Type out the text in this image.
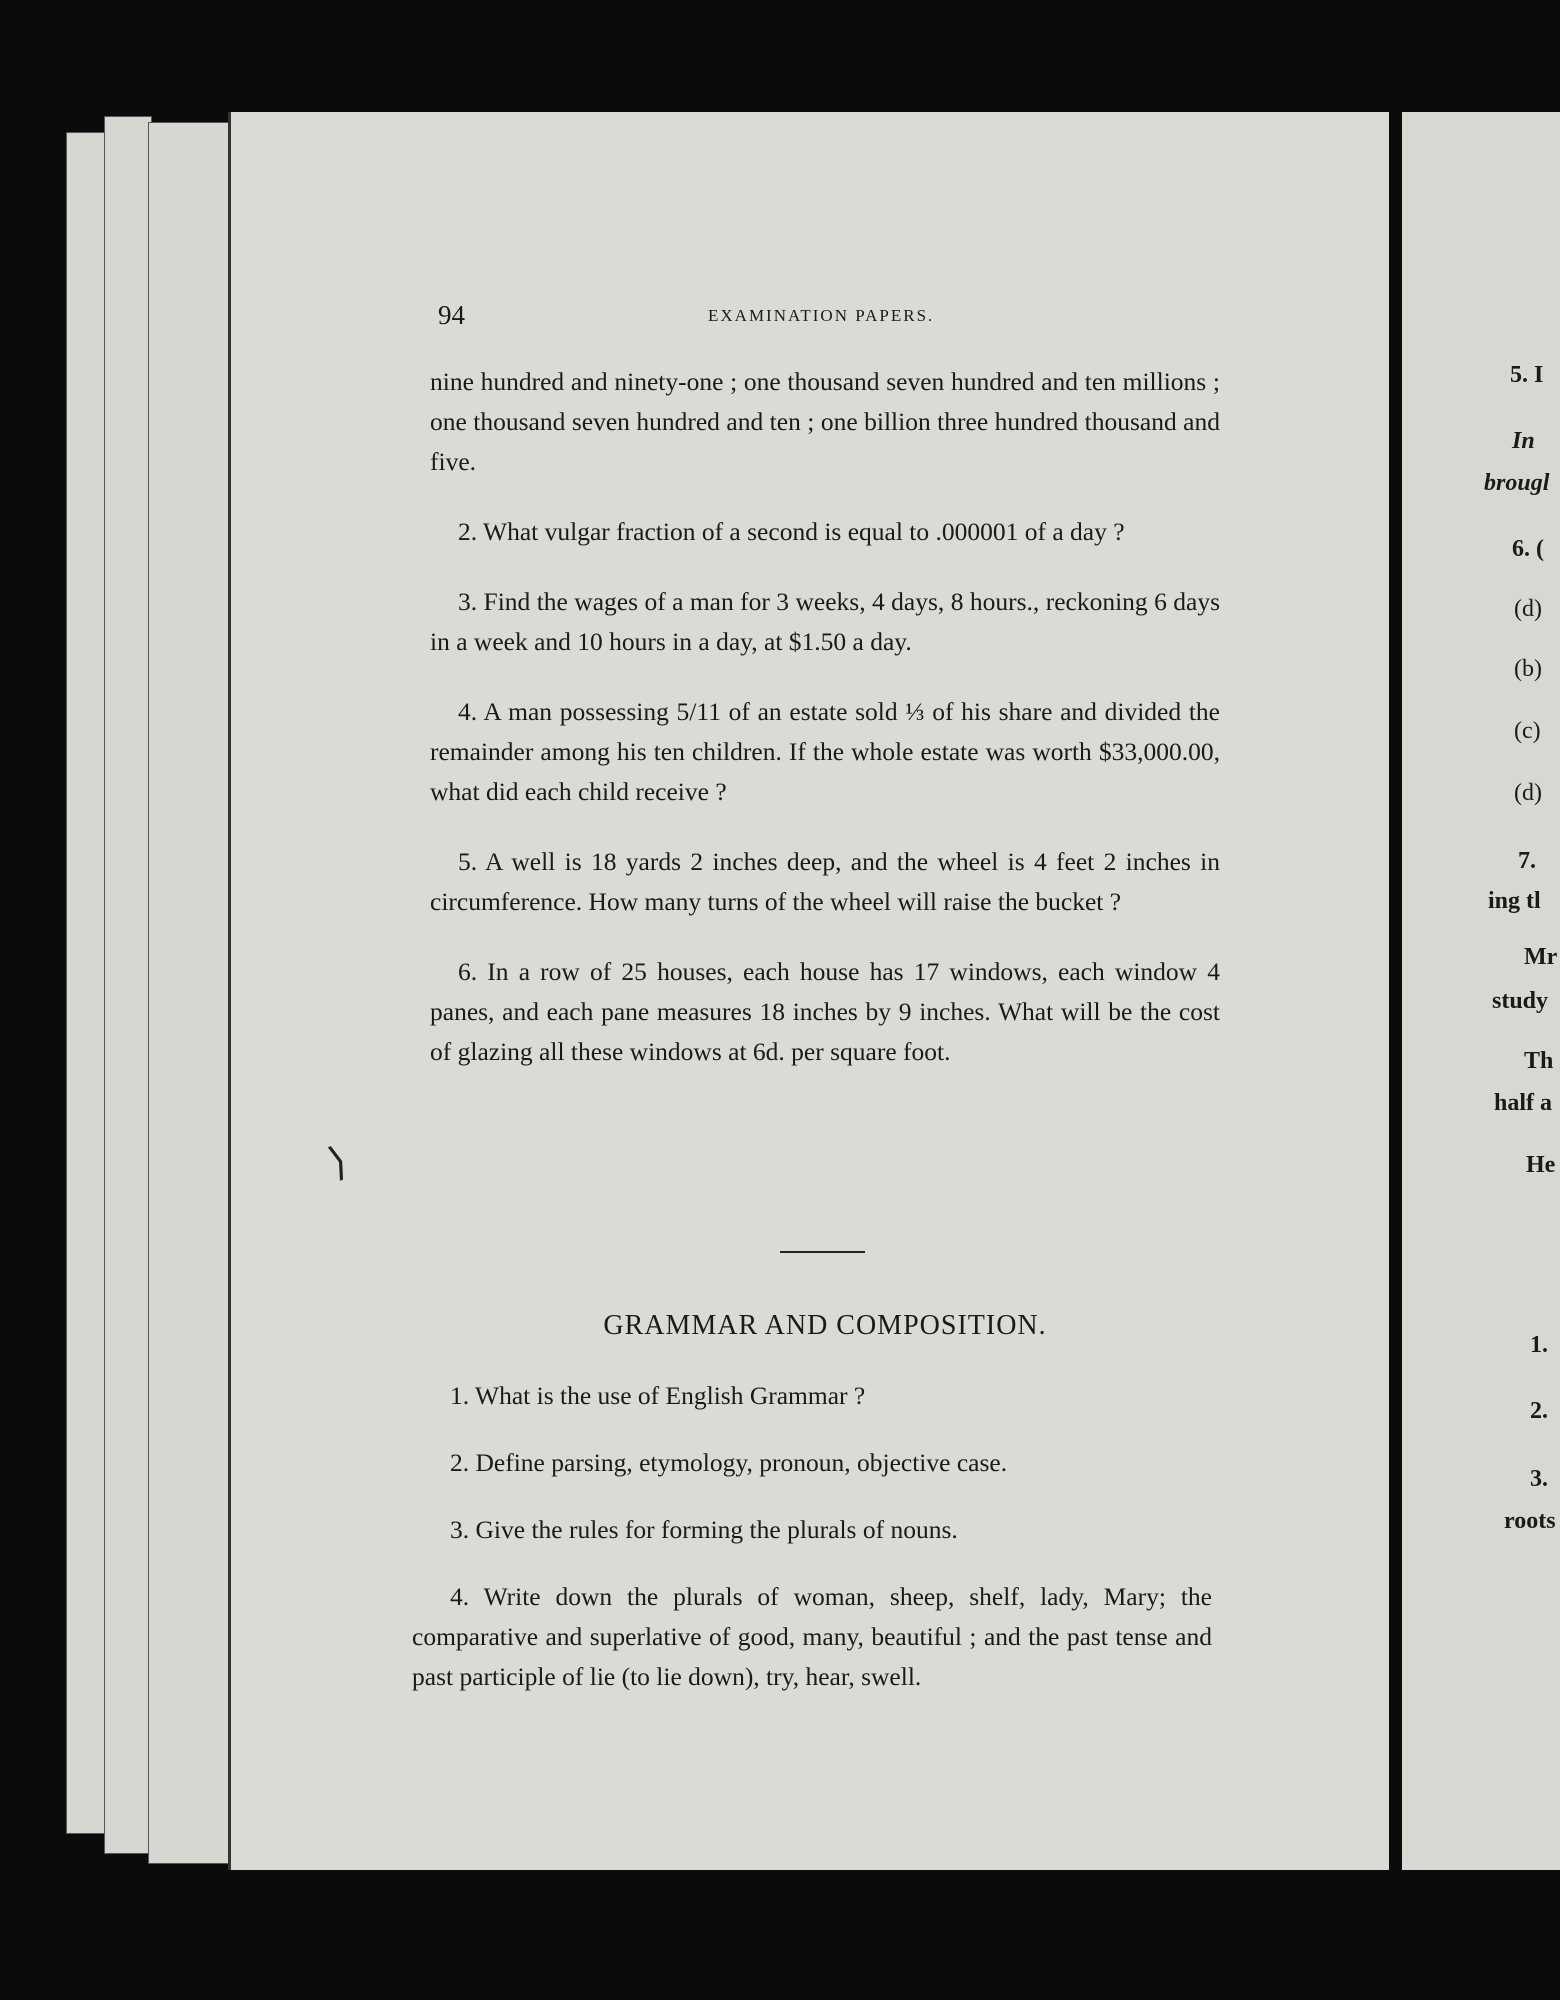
94	EXAMINATION PAPERS.

nine hundred and ninety-one ; one thousand seven hundred and ten millions ; one thousand seven hundred and ten ; one billion three hundred thousand and five.

2. What vulgar fraction of a second is equal to .000001 of a day ?

3. Find the wages of a man for 3 weeks, 4 days, 8 hours., reckoning 6 days in a week and 10 hours in a day, at $1.50 a day.

4. A man possessing 5/11 of an estate sold ⅓ of his share and divided the remainder among his ten children. If the whole estate was worth $33,000.00, what did each child receive ?

5. A well is 18 yards 2 inches deep, and the wheel is 4 feet 2 inches in circumference. How many turns of the wheel will raise the bucket ?

6. In a row of 25 houses, each house has 17 windows, each window 4 panes, and each pane measures 18 inches by 9 inches. What will be the cost of glazing all these windows at 6d. per square foot.

GRAMMAR AND COMPOSITION.

1. What is the use of English Grammar ?

2. Define parsing, etymology, pronoun, objective case.

3. Give the rules for forming the plurals of nouns.

4. Write down the plurals of woman, sheep, shelf, lady, Mary; the comparative and superlative of good, many, beautiful ; and the past tense and past participle of lie (to lie down), try, hear, swell.

⟩
5. I
In
brougl
6. (
(d)
(b)
(c)
(d)
7.
ing tl
Mr
study
Th
half a
He
1.
2.
3.
roots
